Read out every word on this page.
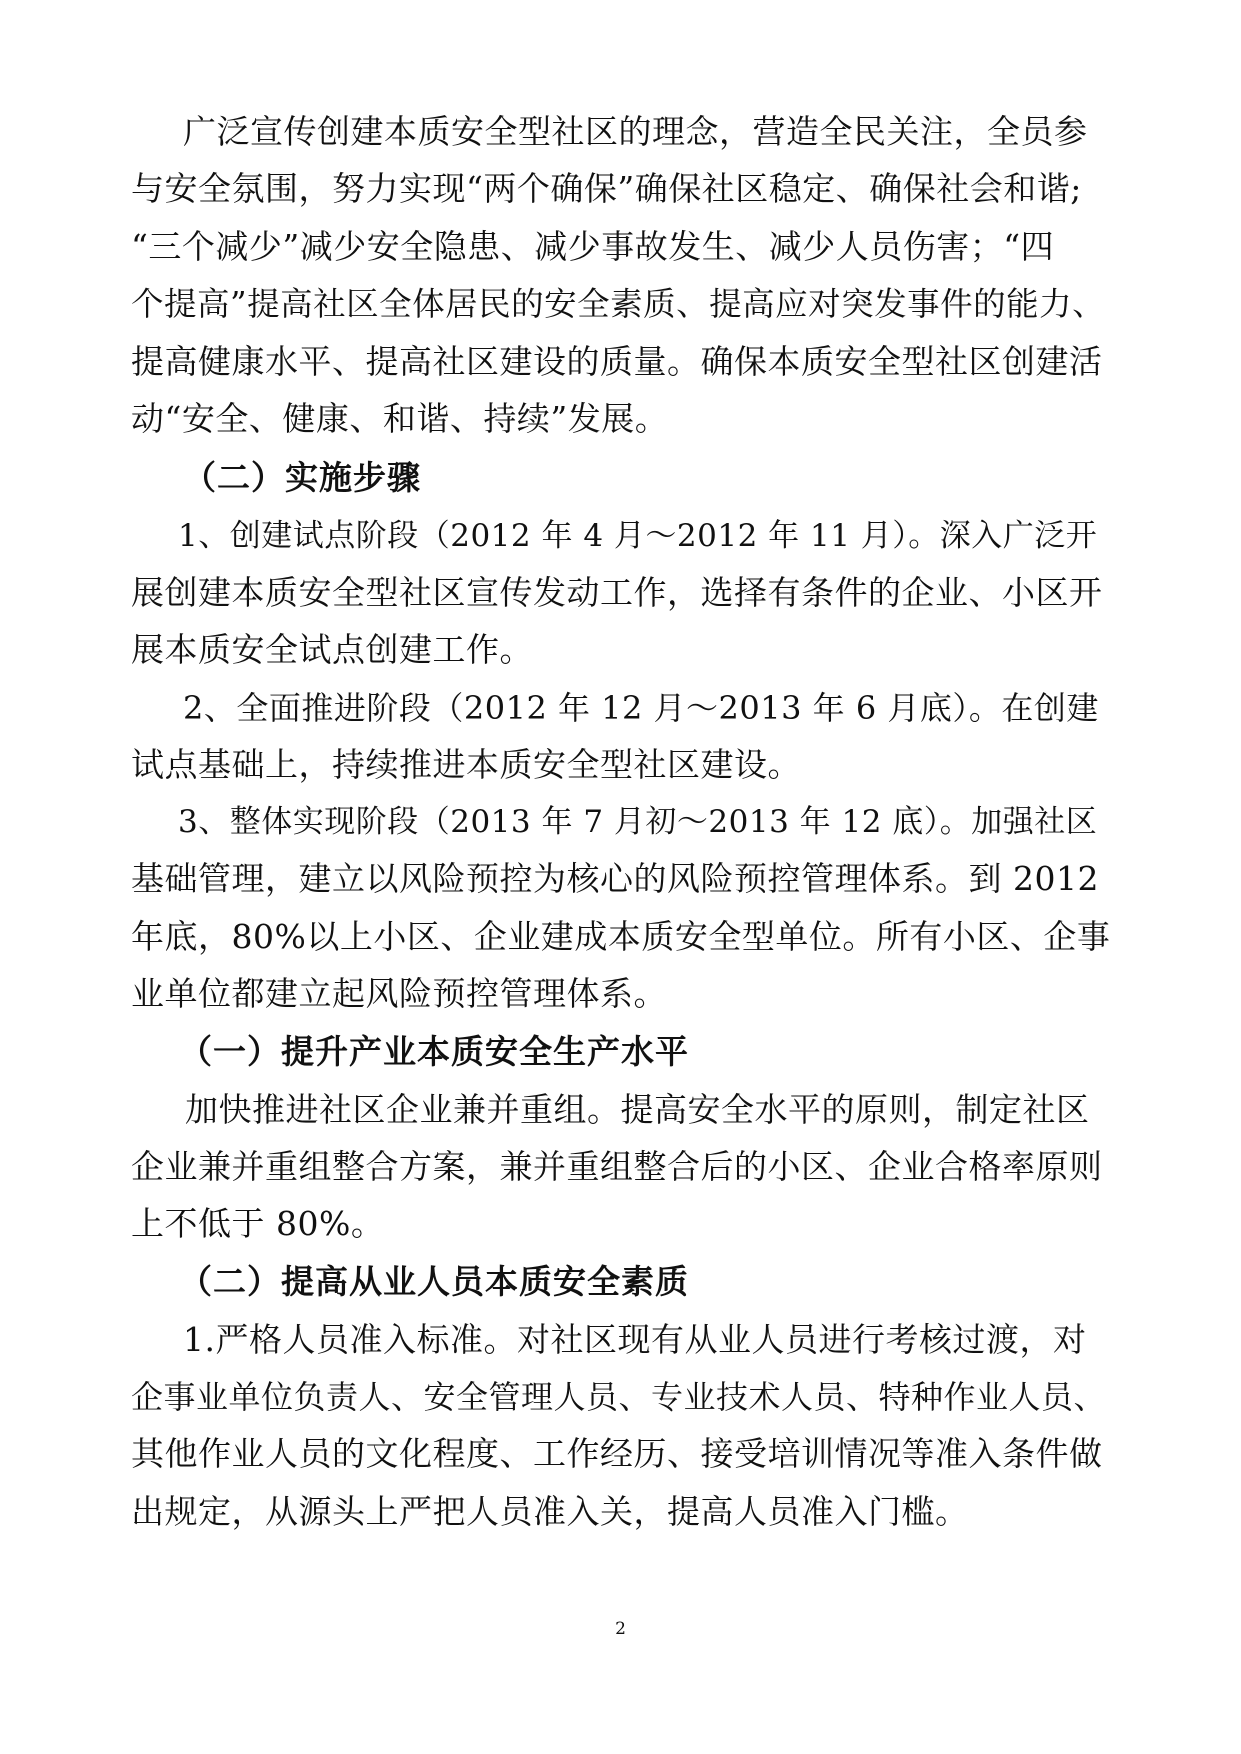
广泛宣传创建本质安全型社区的理念，营造全民关注，全员参
与安全氛围，努力实现“两个确保”确保社区稳定、确保社会和谐;
“三个减少”减少安全隐患、减少事故发生、减少人员伤害；“四
个提高”提高社区全体居民的安全素质、提高应对突发事件的能力、
提高健康水平、提高社区建设的质量。确保本质安全型社区创建活
动“安全、健康、和谐、持续”发展。
（二）实施步骤
1、创建试点阶段（2012 年 4 月～2012 年 11 月）。深入广泛开
展创建本质安全型社区宣传发动工作，选择有条件的企业、小区开
展本质安全试点创建工作。
2、全面推进阶段（2012 年 12 月～2013 年 6 月底）。在创建
试点基础上，持续推进本质安全型社区建设。
3、整体实现阶段（2013 年 7 月初～2013 年 12 底）。加强社区
基础管理，建立以风险预控为核心的风险预控管理体系。到 2012
年底，80%以上小区、企业建成本质安全型单位。所有小区、企事
业单位都建立起风险预控管理体系。
（一）提升产业本质安全生产水平
加快推进社区企业兼并重组。提高安全水平的原则，制定社区
企业兼并重组整合方案，兼并重组整合后的小区、企业合格率原则
上不低于 80%。
（二）提高从业人员本质安全素质
1.严格人员准入标准。对社区现有从业人员进行考核过渡，对
企事业单位负责人、安全管理人员、专业技术人员、特种作业人员、
其他作业人员的文化程度、工作经历、接受培训情况等准入条件做
出规定，从源头上严把人员准入关，提高人员准入门槛。
2
